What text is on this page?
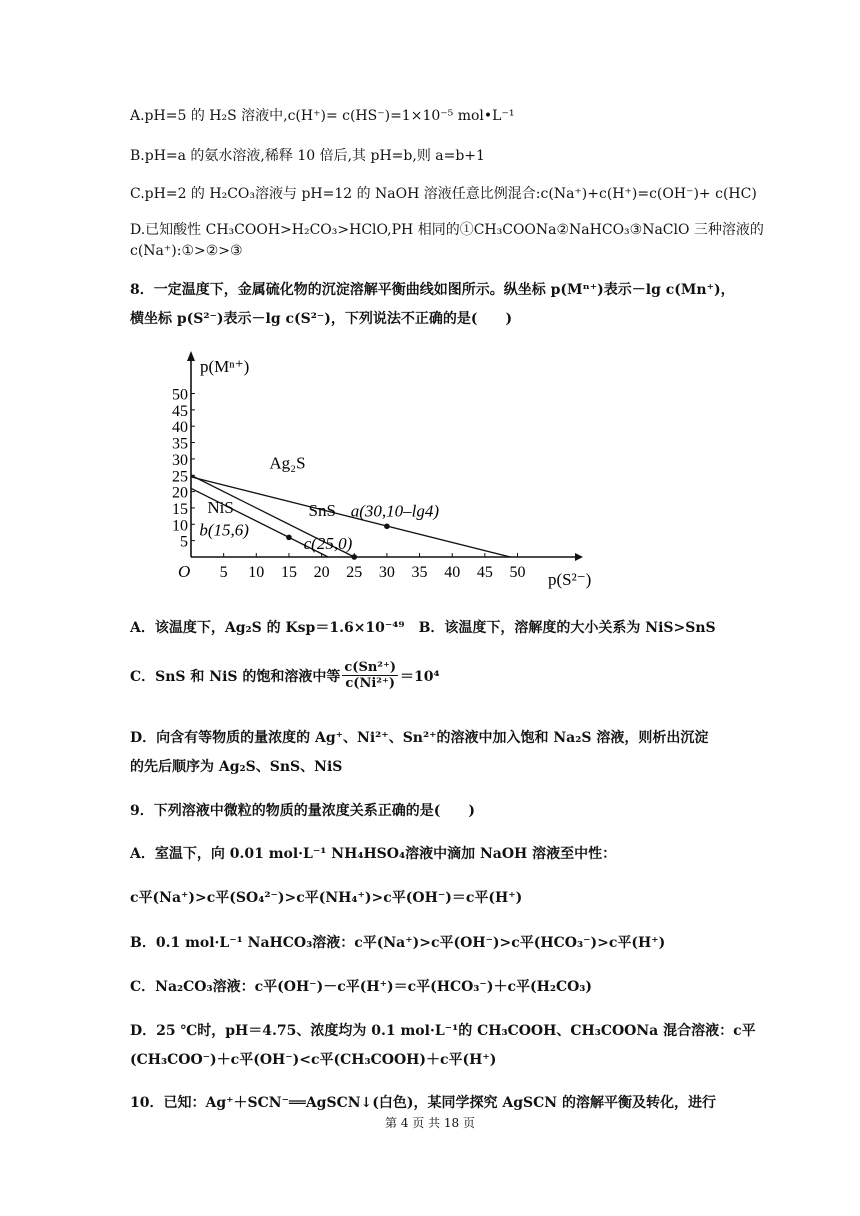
A.pH=5 的 H₂S 溶液中,c(H⁺)= c(HS⁻)=1×10⁻⁵ mol•L⁻¹
B.pH=a 的氨水溶液,稀释 10 倍后,其 pH=b,则 a=b+1
C.pH=2 的 H₂CO₃溶液与 pH=12 的 NaOH 溶液任意比例混合:c(Na⁺)+c(H⁺)=c(OH⁻)+ c(HC)
D.已知酸性 CH₃COOH>H₂CO₃>HClO,PH 相同的①CH₃COONa②NaHCO₃③NaClO 三种溶液的
c(Na⁺):①>②>③
8．一定温度下，金属硫化物的沉淀溶解平衡曲线如图所示。纵坐标 p(Mⁿ⁺)表示－lg c(Mn⁺)，
横坐标 p(S²⁻)表示－lg c(S²⁻)，下列说法不正确的是(　　)
p(Mⁿ⁺)
p(S²⁻)
O 5 10 15 20 25 30 35 40 45 50
5
10
15
20
25
30
35
40
45
50
Ag₂S
SnS
NiS	a(30,10–lg4)
b(15,6)
c(25,0)
A．该温度下，Ag₂S 的 Ksp＝1.6×10⁻⁴⁹　B．该温度下，溶解度的大小关系为 NiS>SnS
C．SnS 和 NiS 的饱和溶液中等 $\frac{\text{c(Sn²⁺)}}{\text{c(Ni²⁺)}} =10^4$
D．向含有等物质的量浓度的 Ag⁺、Ni²⁺、Sn²⁺的溶液中加入饱和 Na₂S 溶液，则析出沉淀
的先后顺序为 Ag₂S、SnS、NiS
9．下列溶液中微粒的物质的量浓度关系正确的是(　　)
A．室温下，向 0.01 mol·L⁻¹ NH₄HSO₄溶液中滴加 NaOH 溶液至中性：
c平(Na⁺)>c平(SO₄²⁻)>c平(NH₄⁺)>c平(OH⁻)＝c平(H⁺)
B．0.1 mol·L⁻¹ NaHCO₃溶液：c平(Na⁺)>c平(OH⁻)>c平(HCO₃⁻)>c平(H⁺)
C．Na₂CO₃溶液：c平(OH⁻)－c平(H⁺)＝c平(HCO₃⁻)＋c平(H₂CO₃)
D．25 ℃时，pH＝4.75、浓度均为 0.1 mol·L⁻¹的 CH₃COOH、CH₃COONa 混合溶液：c平
(CH₃COO⁻)＋c平(OH⁻)<c平(CH₃COOH)＋c平(H⁺)
10．已知：Ag⁺＋SCN⁻══AgSCN↓(白色)，某同学探究 AgSCN 的溶解平衡及转化，进行
第 4 页 共 18 页
